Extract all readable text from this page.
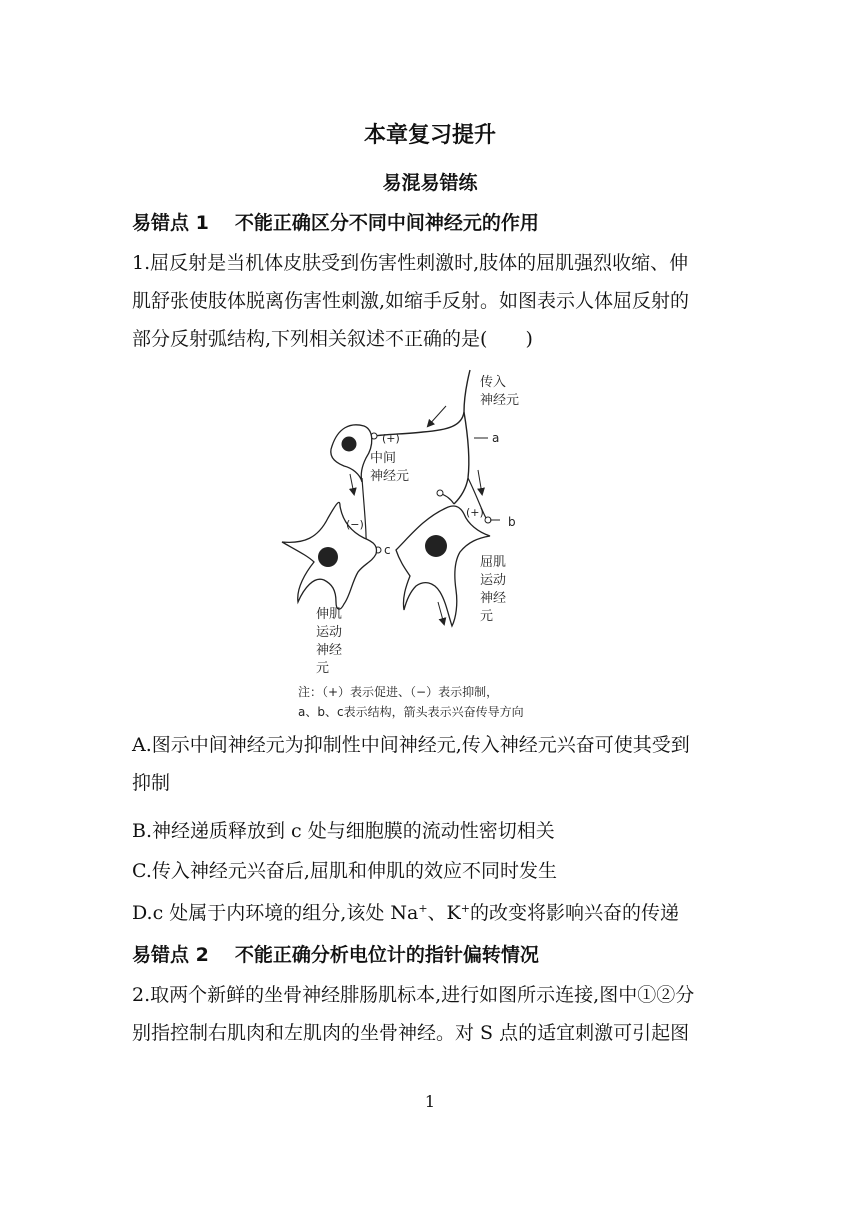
本章复习提升
易混易错练
易错点 1 不能正确区分不同中间神经元的作用
1.屈反射是当机体皮肤受到伤害性刺激时,肢体的屈肌强烈收缩、伸
肌舒张使肢体脱离伤害性刺激,如缩手反射。如图表示人体屈反射的
部分反射弧结构,下列相关叙述不正确的是(　　)
传入
神经元
(+)	a
中间
神经元
(+)
b
(−)
c
屈肌
运动
神经
元
伸肌
运动
神经
元
注：（+）表示促进、（−）表示抑制，
a、b、c表示结构，箭头表示兴奋传导方向
A.图示中间神经元为抑制性中间神经元,传入神经元兴奋可使其受到
抑制
B.神经递质释放到 c 处与细胞膜的流动性密切相关
C.传入神经元兴奋后,屈肌和伸肌的效应不同时发生
D.c 处属于内环境的组分,该处 Na+、K+的改变将影响兴奋的传递
易错点 2 不能正确分析电位计的指针偏转情况
2.取两个新鲜的坐骨神经腓肠肌标本,进行如图所示连接,图中①②分
别指控制右肌肉和左肌肉的坐骨神经。对 S 点的适宜刺激可引起图
1
